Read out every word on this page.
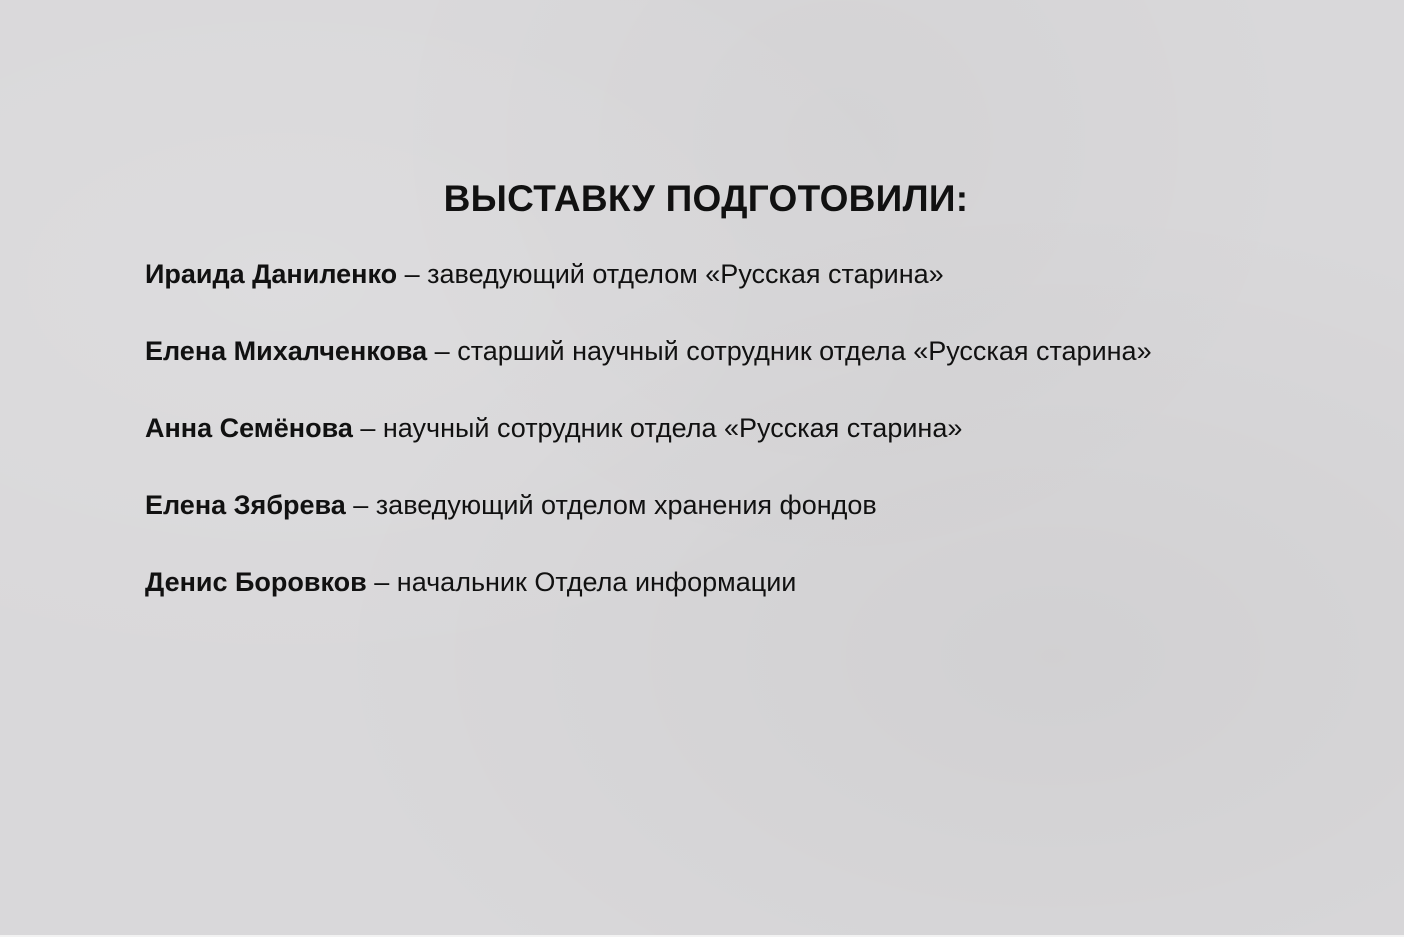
ВЫСТАВКУ ПОДГОТОВИЛИ:
Ираида Даниленко – заведующий отделом «Русская старина»
Елена Михалченкова – старший научный сотрудник отдела «Русская старина»
Анна Семёнова – научный сотрудник отдела «Русская старина»
Елена Зябрева – заведующий отделом хранения фондов
Денис Боровков – начальник Отдела информации
